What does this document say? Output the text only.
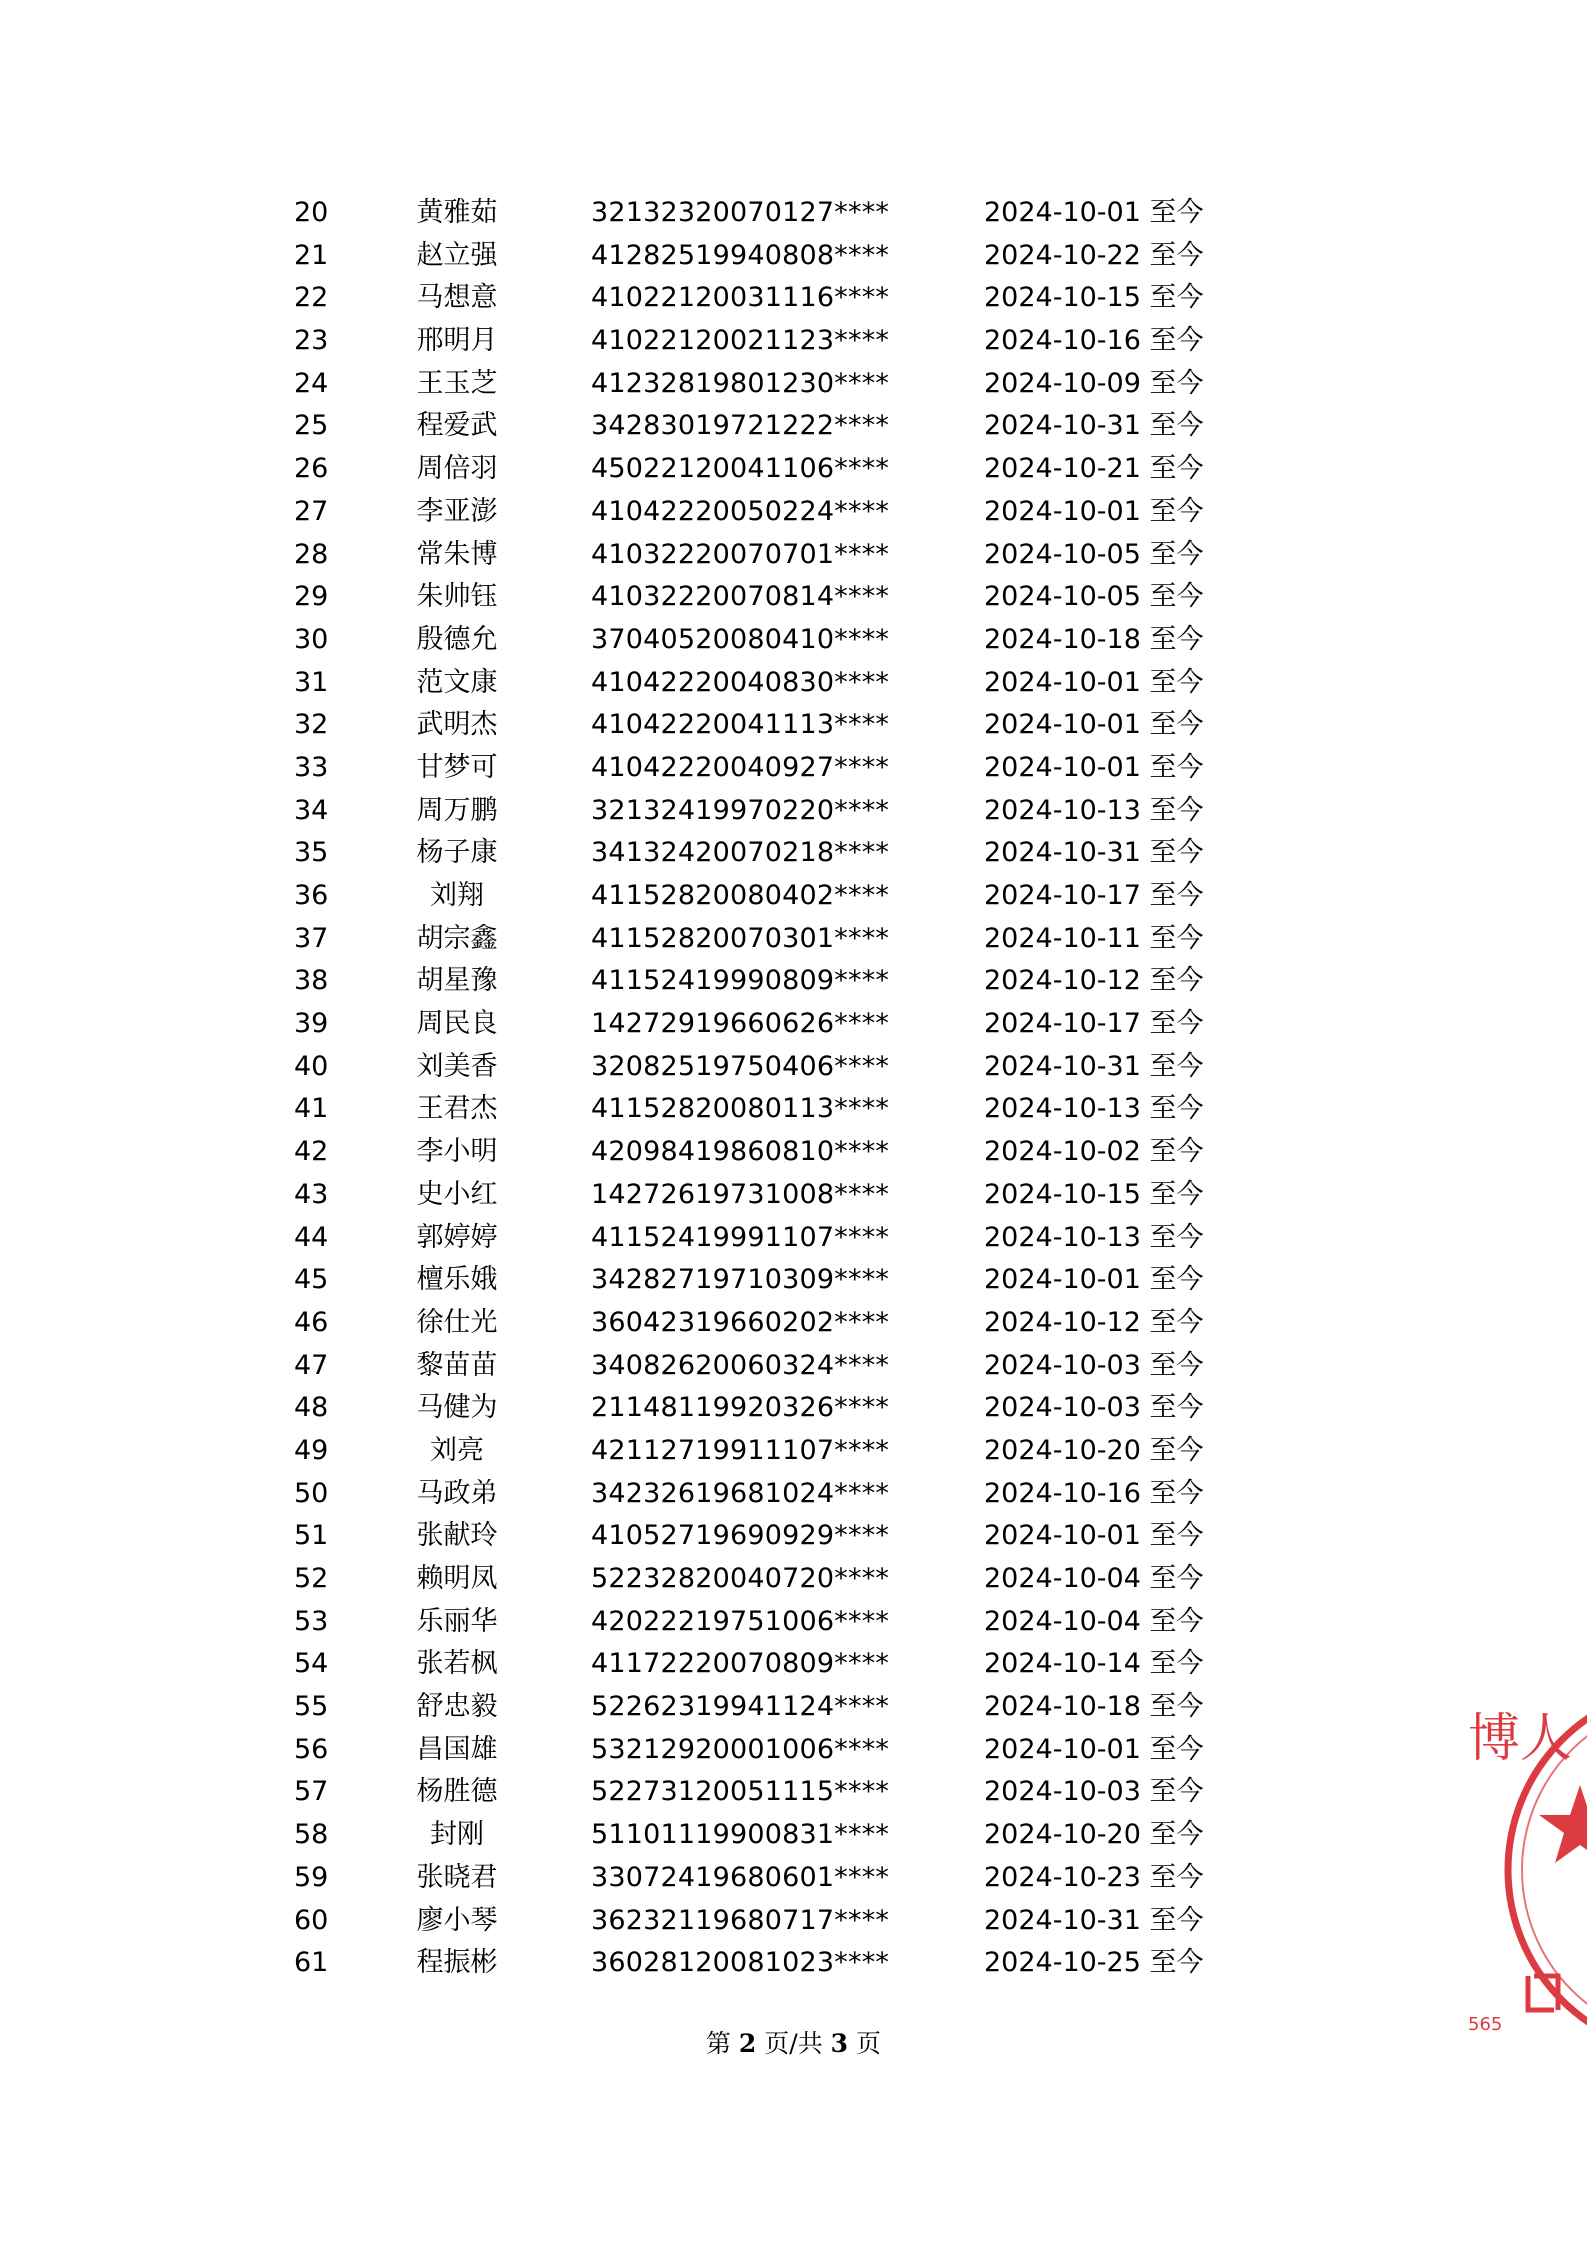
20	黄雅茹	32132320070127****	2024-10-01 至今
21	赵立强	41282519940808****	2024-10-22 至今
22	马想意	41022120031116****	2024-10-15 至今
23	邢明月	41022120021123****	2024-10-16 至今
24	王玉芝	41232819801230****	2024-10-09 至今
25	程爱武	34283019721222****	2024-10-31 至今
26	周倍羽	45022120041106****	2024-10-21 至今
27	李亚澎	41042220050224****	2024-10-01 至今
28	常朱博	41032220070701****	2024-10-05 至今
29	朱帅钰	41032220070814****	2024-10-05 至今
30	殷德允	37040520080410****	2024-10-18 至今
31	范文康	41042220040830****	2024-10-01 至今
32	武明杰	41042220041113****	2024-10-01 至今
33	甘梦可	41042220040927****	2024-10-01 至今
34	周万鹏	32132419970220****	2024-10-13 至今
35	杨子康	34132420070218****	2024-10-31 至今
36	刘翔	41152820080402****	2024-10-17 至今
37	胡宗鑫	41152820070301****	2024-10-11 至今
38	胡星豫	41152419990809****	2024-10-12 至今
39	周民良	14272919660626****	2024-10-17 至今
40	刘美香	32082519750406****	2024-10-31 至今
41	王君杰	41152820080113****	2024-10-13 至今
42	李小明	42098419860810****	2024-10-02 至今
43	史小红	14272619731008****	2024-10-15 至今
44	郭婷婷	41152419991107****	2024-10-13 至今
45	檀乐娥	34282719710309****	2024-10-01 至今
46	徐仕光	36042319660202****	2024-10-12 至今
47	黎苗苗	34082620060324****	2024-10-03 至今
48	马健为	21148119920326****	2024-10-03 至今
49	刘亮	42112719911107****	2024-10-20 至今
50	马政弟	34232619681024****	2024-10-16 至今
51	张献玲	41052719690929****	2024-10-01 至今
52	赖明凤	52232820040720****	2024-10-04 至今
53	乐丽华	42022219751006****	2024-10-04 至今
54	张若枫	41172220070809****	2024-10-14 至今
55	舒忠毅	52262319941124****	2024-10-18 至今
56	昌国雄	53212920001006****	2024-10-01 至今
57	杨胜德	52273120051115****	2024-10-03 至今
58	封刚	51101119900831****	2024-10-20 至今
59	张晓君	33072419680601****	2024-10-23 至今
60	廖小琴	36232119680717****	2024-10-31 至今
61	程振彬	36028120081023****	2024-10-25 至今
第 2 页/共 3 页
博人
565
